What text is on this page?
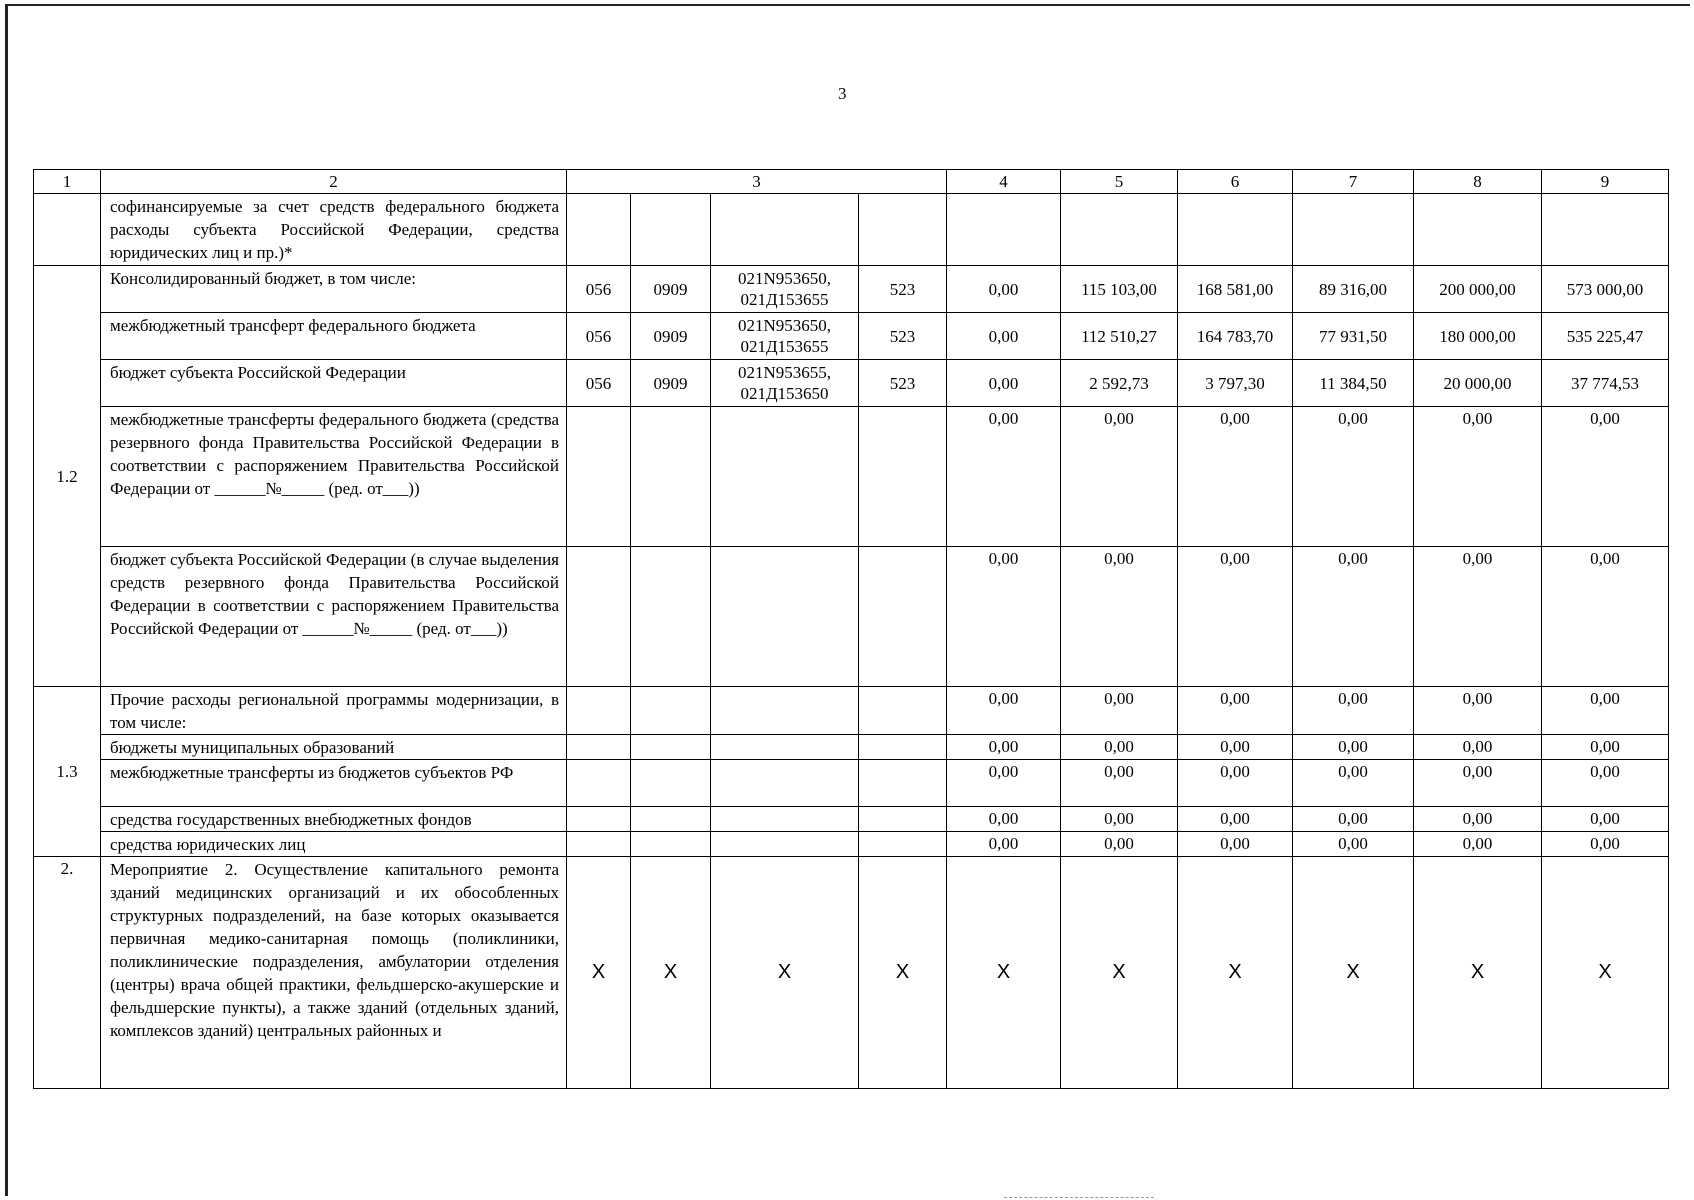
3
1	2	3				4	5	6	7	8	9
	софинансируемые за счет средств федерального бюджета расходы субъекта Российской Федерации, средства юридических лиц и пр.)*										
1.2	Консолидированный бюджет, в том числе:	056	0909	021N953650, 021Д153655	523	0,00	115 103,00	168 581,00	89 316,00	200 000,00	573 000,00
	межбюджетный трансферт федерального бюджета	056	0909	021N953650, 021Д153655	523	0,00	112 510,27	164 783,70	77 931,50	180 000,00	535 225,47
	бюджет субъекта Российской Федерации	056	0909	021N953655, 021Д153650	523	0,00	2 592,73	3 797,30	11 384,50	20 000,00	37 774,53
	межбюджетные трансферты федерального бюджета (средства резервного фонда Правительства Российской Федерации в соответствии с распоряжением Правительства Российской Федерации от ______№_____ (ред. от___))					0,00	0,00	0,00	0,00	0,00	0,00
	бюджет субъекта Российской Федерации (в случае выделения средств резервного фонда Правительства Российской Федерации в соответствии с распоряжением Правительства Российской Федерации от ______№_____ (ред. от___))					0,00	0,00	0,00	0,00	0,00	0,00
1.3	Прочие расходы региональной программы модернизации, в том числе:					0,00	0,00	0,00	0,00	0,00	0,00
	бюджеты муниципальных образований					0,00	0,00	0,00	0,00	0,00	0,00
	межбюджетные трансферты из бюджетов субъектов РФ					0,00	0,00	0,00	0,00	0,00	0,00
	средства государственных внебюджетных фондов					0,00	0,00	0,00	0,00	0,00	0,00
	средства юридических лиц					0,00	0,00	0,00	0,00	0,00	0,00
2.	Мероприятие 2. Осуществление капитального ремонта зданий медицинских организаций и их обособленных структурных подразделений, на базе которых оказывается первичная медико-санитарная помощь (поликлиники, поликлинические подразделения, амбулатории отделения (центры) врача общей практики, фельдшерско-акушерские и фельдшерские пункты), а также зданий (отдельных зданий, комплексов зданий) центральных районных и	X	X	X	X	X	X	X	X	X	X
